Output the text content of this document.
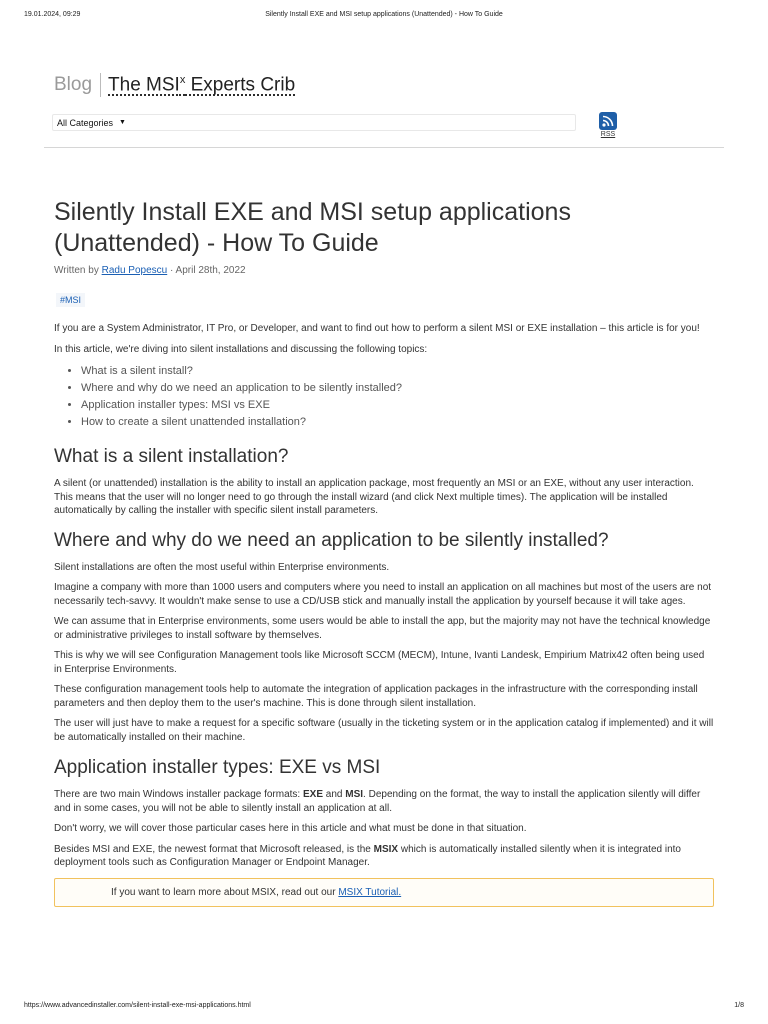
19.01.2024, 09:29	Silently Install EXE and MSI setup applications (Unattended) - How To Guide
Blog The MSI$^x$ Experts Crib
All Categories ▼
RSS
Silently Install EXE and MSI setup applications (Unattended) - How To Guide
Written by Radu Popescu · April 28th, 2022
#MSI

If you are a System Administrator, IT Pro, or Developer, and want to find out how to perform a silent MSI or EXE installation – this article is for you!

In this article, we're diving into silent installations and discussing the following topics:

• What is a silent install?
• Where and why do we need an application to be silently installed?
• Application installer types: MSI vs EXE
• How to create a silent unattended installation?
What is a silent installation?

A silent (or unattended) installation is the ability to install an application package, most frequently an MSI or an EXE, without any user interaction. This means that the user will no longer need to go through the install wizard (and click Next multiple times). The application will be installed automatically by calling the installer with specific silent install parameters.

Where and why do we need an application to be silently installed?

Silent installations are often the most useful within Enterprise environments.

Imagine a company with more than 1000 users and computers where you need to install an application on all machines but most of the users are not necessarily tech-savvy. It wouldn't make sense to use a CD/USB stick and manually install the application by yourself because it will take ages.

We can assume that in Enterprise environments, some users would be able to install the app, but the majority may not have the technical knowledge or administrative privileges to install software by themselves.

This is why we will see Configuration Management tools like Microsoft SCCM (MECM), Intune, Ivanti Landesk, Empirium Matrix42 often being used in Enterprise Environments.

These configuration management tools help to automate the integration of application packages in the infrastructure with the corresponding install parameters and then deploy them to the user's machine. This is done through silent installation.

The user will just have to make a request for a specific software (usually in the ticketing system or in the application catalog if implemented) and it will be automatically installed on their machine.

Application installer types: EXE vs MSI

There are two main Windows installer package formats: EXE and MSI. Depending on the format, the way to install the application silently will differ and in some cases, you will not be able to silently install an application at all.

Don't worry, we will cover those particular cases here in this article and what must be done in that situation.

Besides MSI and EXE, the newest format that Microsoft released, is the MSIX which is automatically installed silently when it is integrated into deployment tools such as Configuration Manager or Endpoint Manager.

If you want to learn more about MSIX, read out our MSIX Tutorial.
https://www.advancedinstaller.com/silent-install-exe-msi-applications.html	1/8
